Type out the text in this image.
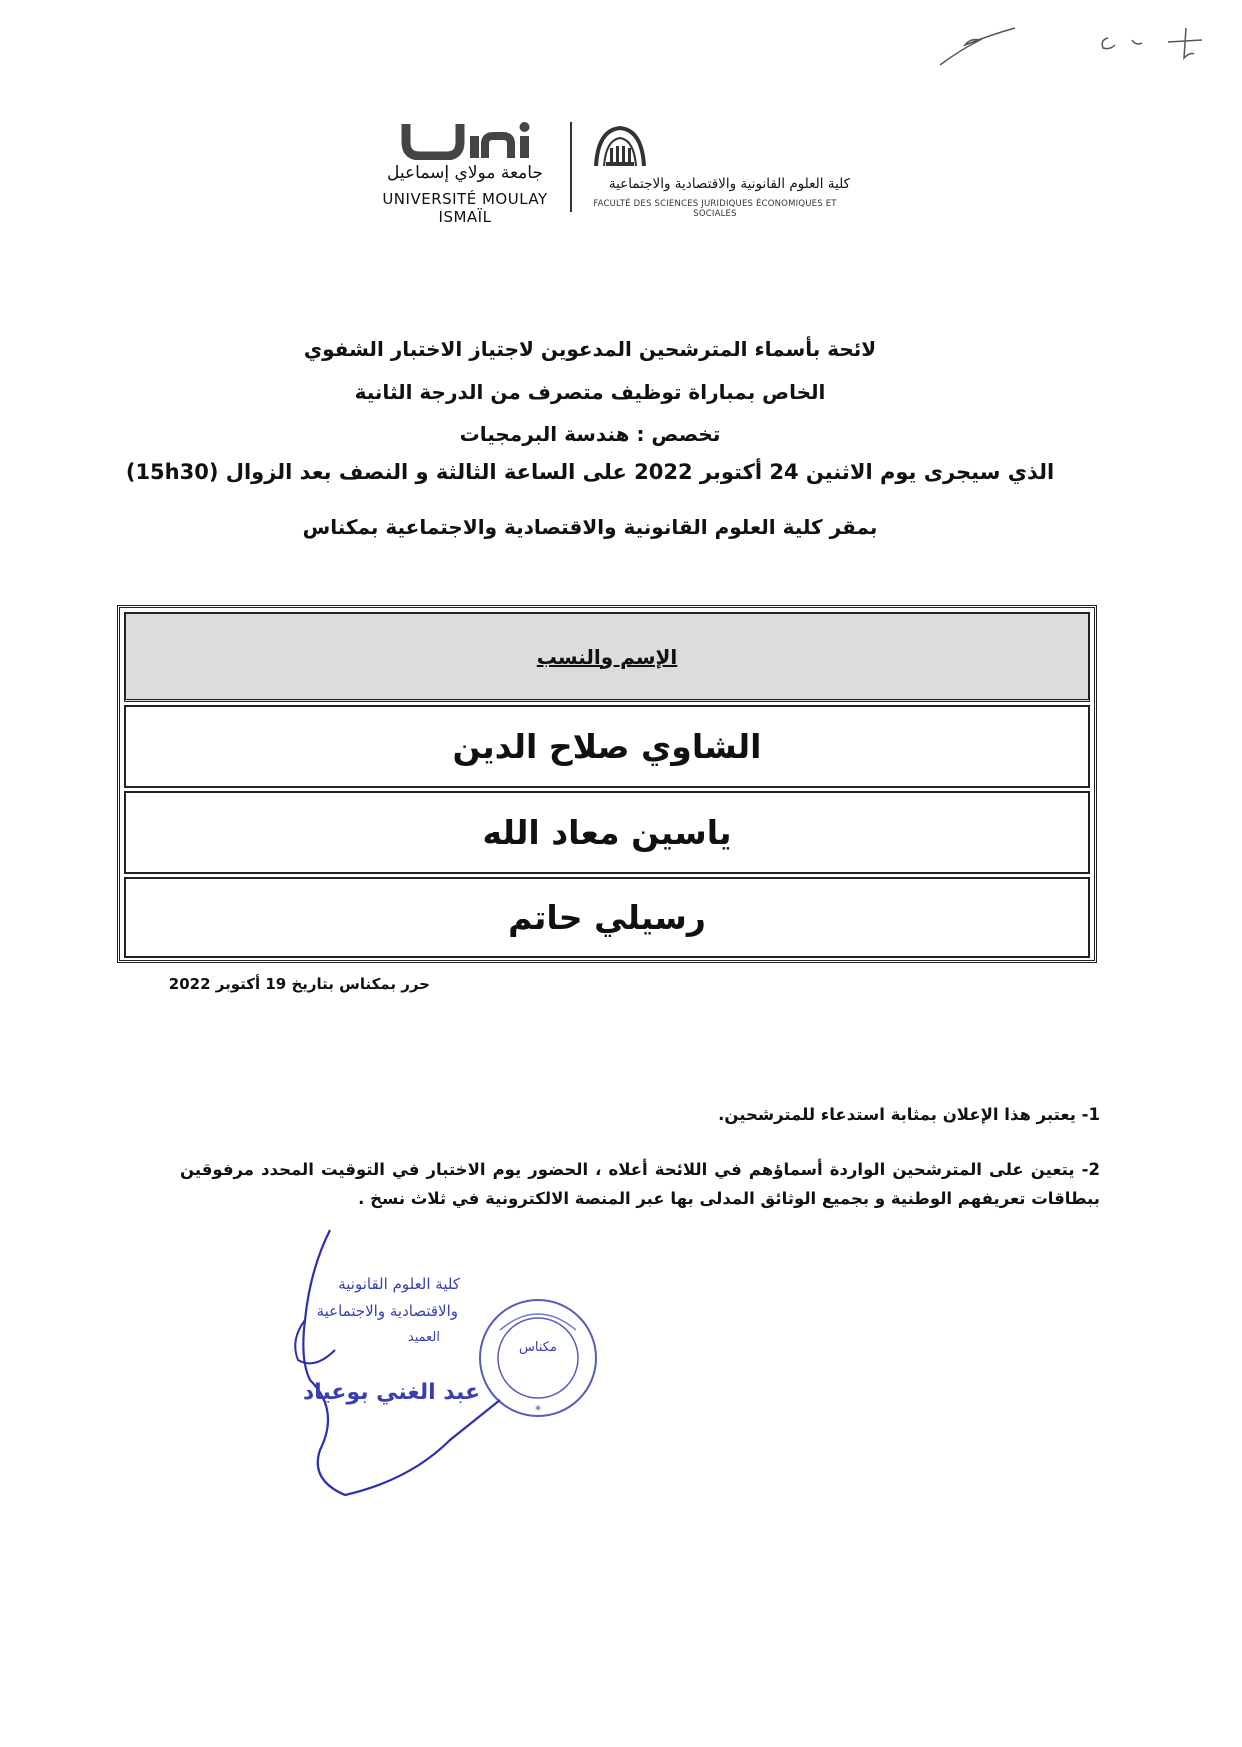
جامعة مولاي إسماعيل
UNIVERSITÉ MOULAY ISMAÏL
كلية العلوم القانونية والاقتصادية والاجتماعية
FACULTÉ DES SCIENCES JURIDIQUES ÉCONOMIQUES ET SOCIALES
لائحة بأسماء المترشحين المدعوين لاجتياز الاختبار الشفوي
الخاص بمباراة توظيف متصرف من الدرجة الثانية
تخصص : هندسة البرمجيات
الذي سيجرى يوم الاثنين 24 أكتوبر 2022 على الساعة الثالثة و النصف بعد الزوال (15h30)
بمقر كلية العلوم القانونية والاقتصادية والاجتماعية بمكناس
الإسم والنسب
الشاوي صلاح الدين
ياسين معاد الله
رسيلي حاتم
حرر بمكناس بتاريخ 19 أكتوبر 2022
1- يعتبر هذا الإعلان بمثابة استدعاء للمترشحين.
2- يتعين على المترشحين الواردة أسماؤهم في اللائحة أعلاه ، الحضور يوم الاختبار في التوقيت المحدد مرفوقين ببطاقات تعريفهم الوطنية و بجميع الوثائق المدلى بها عبر المنصة الالكترونية في ثلاث نسخ .
*
كلية العلوم القانونية
والاقتصادية والاجتماعية
العميد
عبد الغني بوعياد
مكناس
